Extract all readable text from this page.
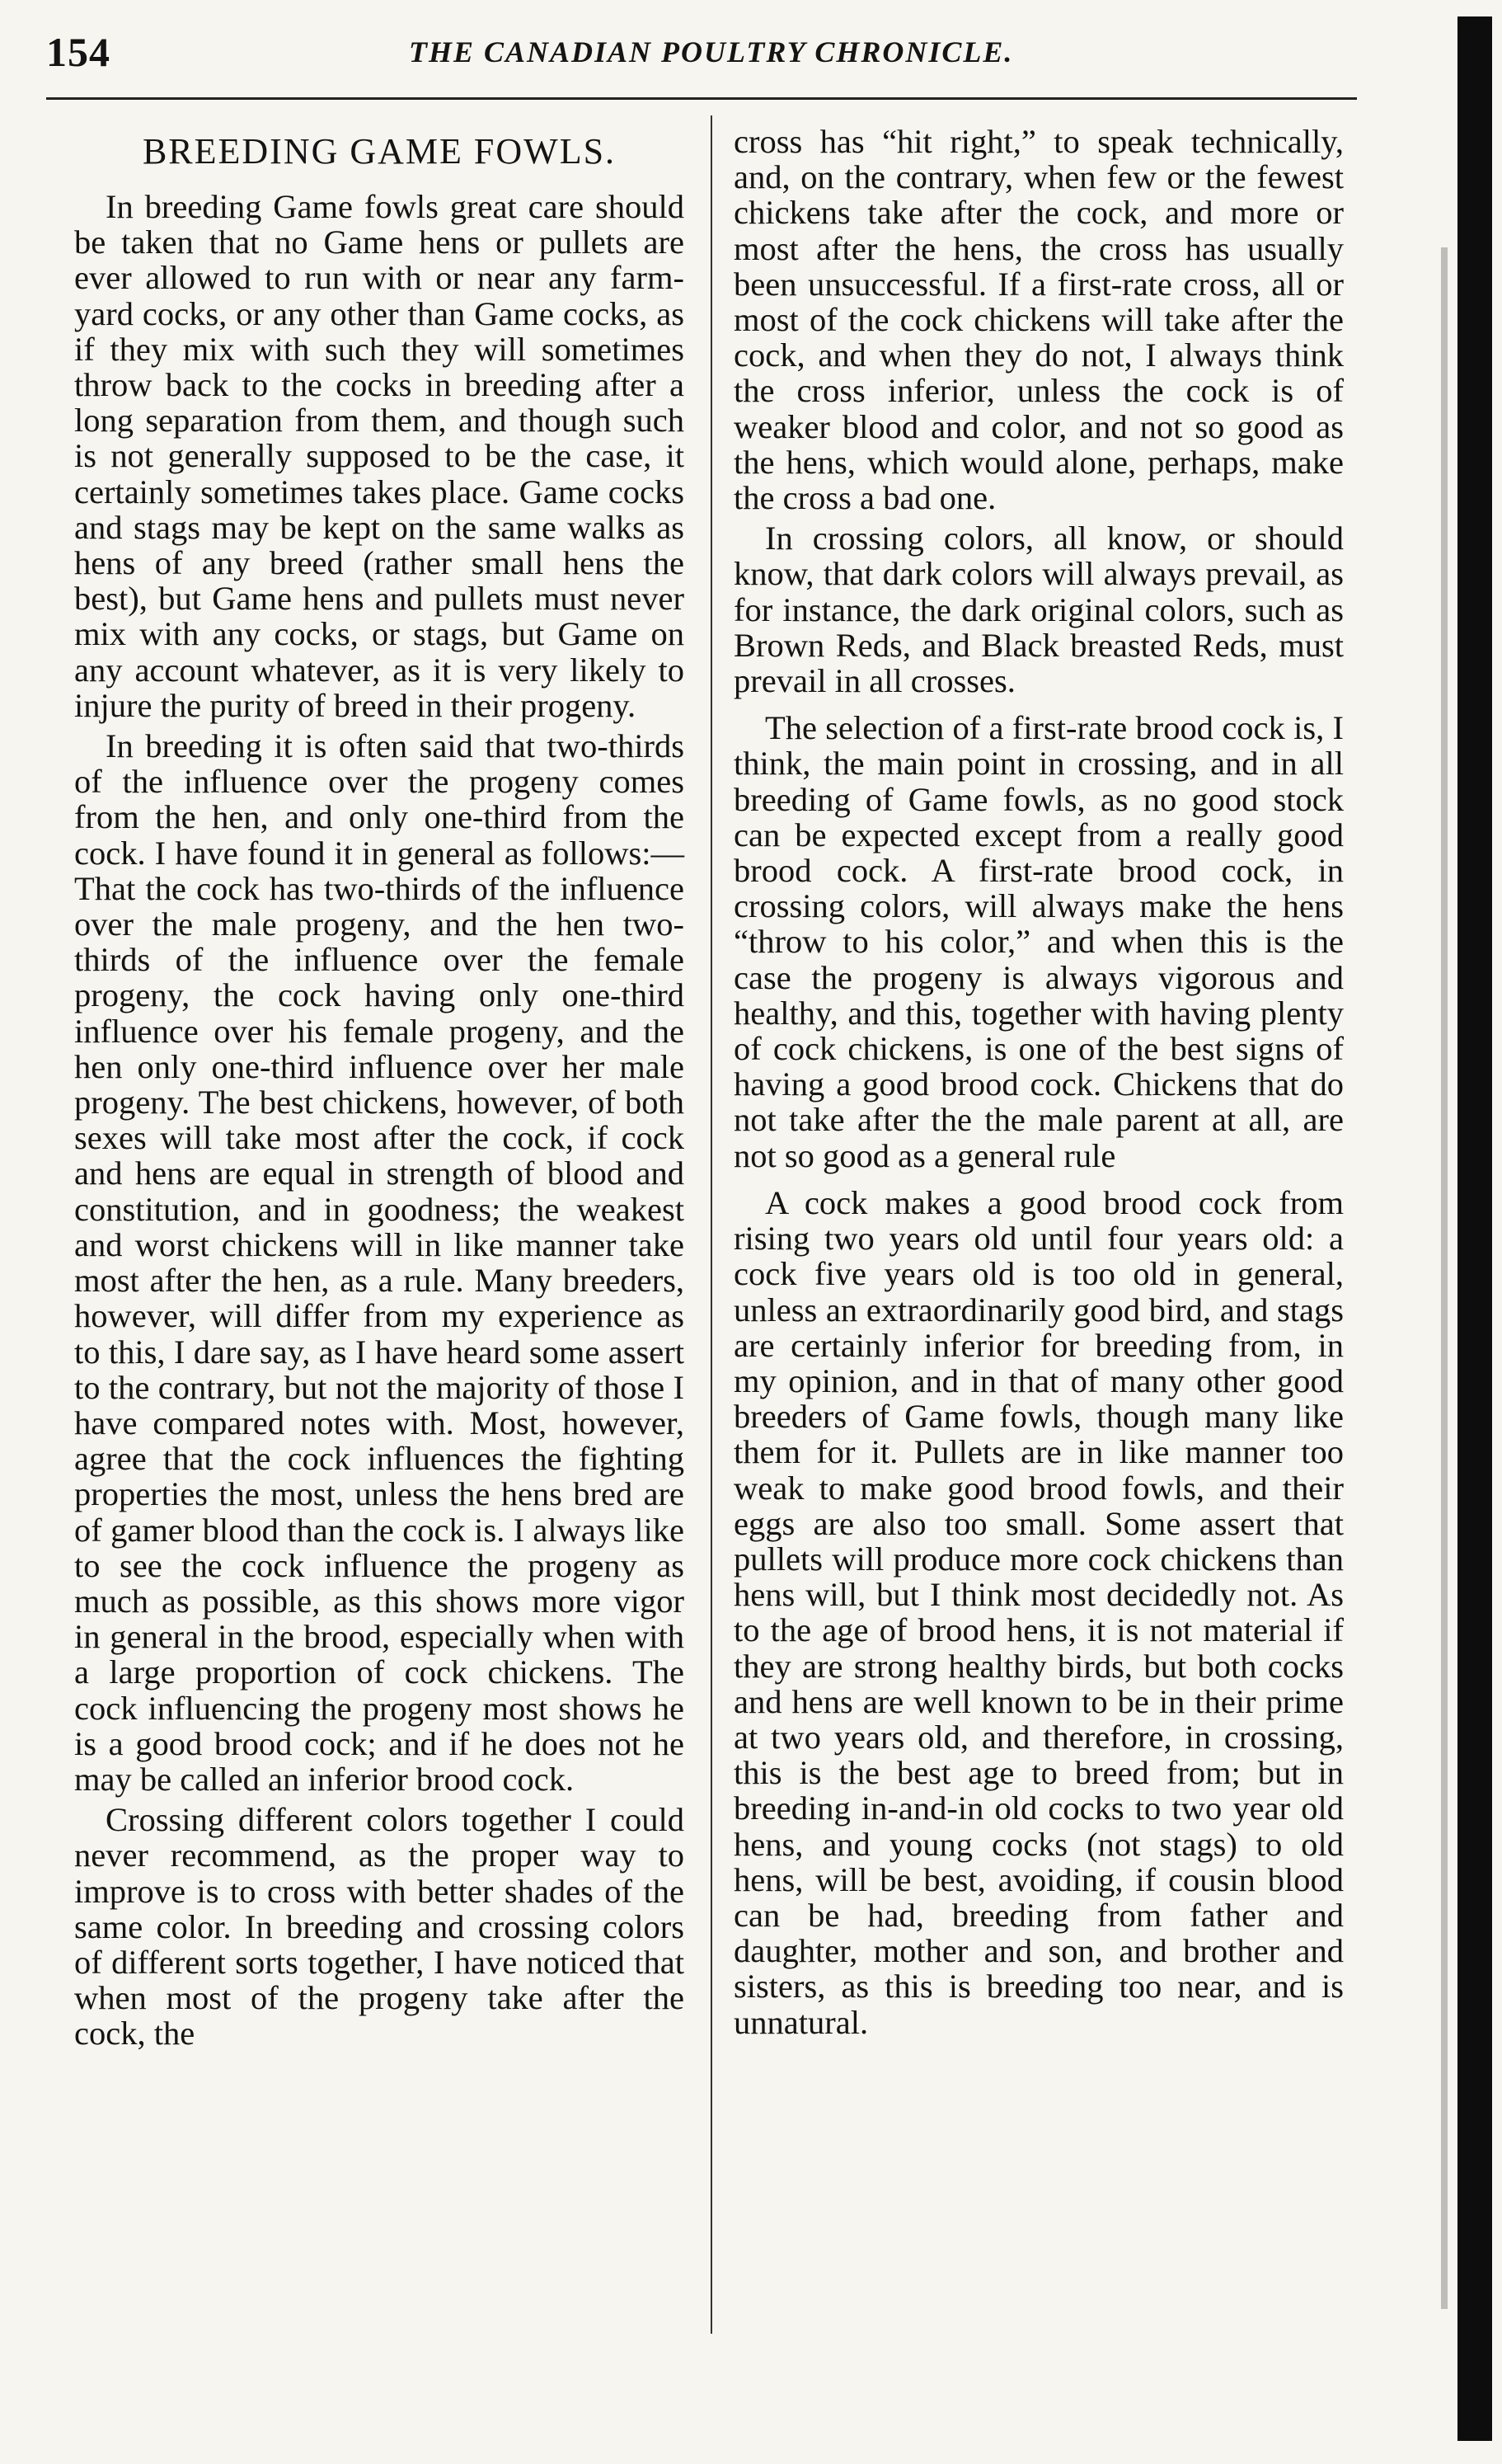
154	THE CANADIAN POULTRY CHRONICLE.
BREEDING GAME FOWLS.

In breeding Game fowls great care should be taken that no Game hens or pullets are ever allowed to run with or near any farm-yard cocks, or any other than Game cocks, as if they mix with such they will sometimes throw back to the cocks in breeding after a long separation from them, and though such is not generally supposed to be the case, it certainly sometimes takes place. Game cocks and stags may be kept on the same walks as hens of any breed (rather small hens the best), but Game hens and pullets must never mix with any cocks, or stags, but Game on any account whatever, as it is very likely to injure the purity of breed in their progeny.

In breeding it is often said that two-thirds of the influence over the progeny comes from the hen, and only one-third from the cock. I have found it in general as follows:—That the cock has two-thirds of the influence over the male progeny, and the hen two-thirds of the influence over the female progeny, the cock having only one-third influence over his female progeny, and the hen only one-third influence over her male progeny. The best chickens, however, of both sexes will take most after the cock, if cock and hens are equal in strength of blood and constitution, and in goodness; the weakest and worst chickens will in like manner take most after the hen, as a rule. Many breeders, however, will differ from my experience as to this, I dare say, as I have heard some assert to the contrary, but not the majority of those I have compared notes with. Most, however, agree that the cock influences the fighting properties the most, unless the hens bred are of gamer blood than the cock is. I always like to see the cock influence the progeny as much as possible, as this shows more vigor in general in the brood, especially when with a large proportion of cock chickens. The cock influencing the progeny most shows he is a good brood cock; and if he does not he may be called an inferior brood cock.

Crossing different colors together I could never recommend, as the proper way to improve is to cross with better shades of the same color. In breeding and crossing colors of different sorts together, I have noticed that when most of the progeny take after the cock, the

cross has “hit right,” to speak technically, and, on the contrary, when few or the fewest chickens take after the cock, and more or most after the hens, the cross has usually been unsuccessful. If a first-rate cross, all or most of the cock chickens will take after the cock, and when they do not, I always think the cross inferior, unless the cock is of weaker blood and color, and not so good as the hens, which would alone, perhaps, make the cross a bad one.

In crossing colors, all know, or should know, that dark colors will always prevail, as for instance, the dark original colors, such as Brown Reds, and Black breasted Reds, must prevail in all crosses.

The selection of a first-rate brood cock is, I think, the main point in crossing, and in all breeding of Game fowls, as no good stock can be expected except from a really good brood cock. A first-rate brood cock, in crossing colors, will always make the hens “throw to his color,” and when this is the case the progeny is always vigorous and healthy, and this, together with having plenty of cock chickens, is one of the best signs of having a good brood cock. Chickens that do not take after the the male parent at all, are not so good as a general rule

A cock makes a good brood cock from rising two years old until four years old: a cock five years old is too old in general, unless an extraordinarily good bird, and stags are certainly inferior for breeding from, in my opinion, and in that of many other good breeders of Game fowls, though many like them for it. Pullets are in like manner too weak to make good brood fowls, and their eggs are also too small. Some assert that pullets will produce more cock chickens than hens will, but I think most decidedly not. As to the age of brood hens, it is not material if they are strong healthy birds, but both cocks and hens are well known to be in their prime at two years old, and therefore, in crossing, this is the best age to breed from; but in breeding in-and-in old cocks to two year old hens, and young cocks (not stags) to old hens, will be best, avoiding, if cousin blood can be had, breeding from father and daughter, mother and son, and brother and sisters, as this is breeding too near, and is unnatural.
